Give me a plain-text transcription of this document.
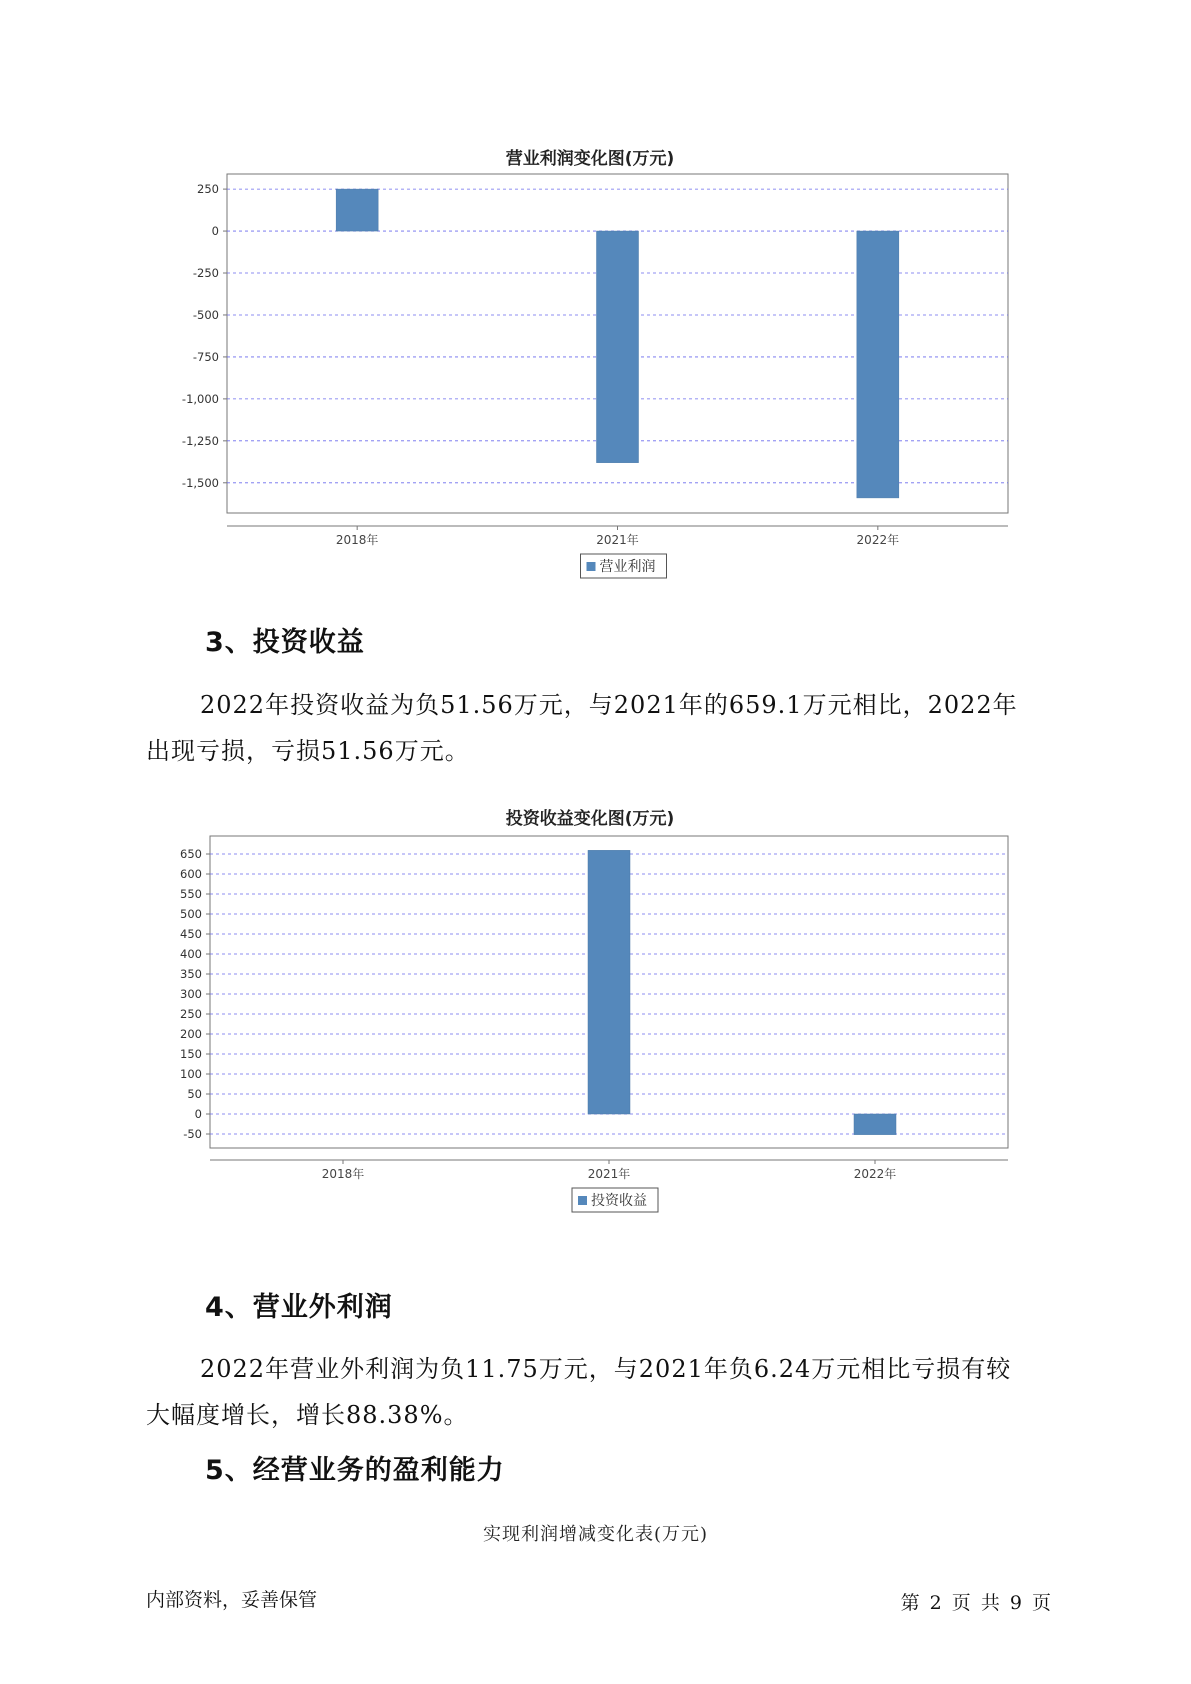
营业利润变化图(万元)
250
0
-250
-500
-750
-1,000
-1,250
-1,500
2018年	2021年	2022年
营业利润
3、投资收益
2022年投资收益为负51.56万元，与2021年的659.1万元相比，2022年
出现亏损，亏损51.56万元。
投资收益变化图(万元)
650
600
550
500
450
400
350
300
250
200
150
100
50
0
-50
2018年	2021年	2022年
投资收益
4、营业外利润
2022年营业外利润为负11.75万元，与2021年负6.24万元相比亏损有较
大幅度增长，增长88.38%。
5、经营业务的盈利能力
实现利润增减变化表(万元)
内部资料，妥善保管	第 2 页 共 9 页
